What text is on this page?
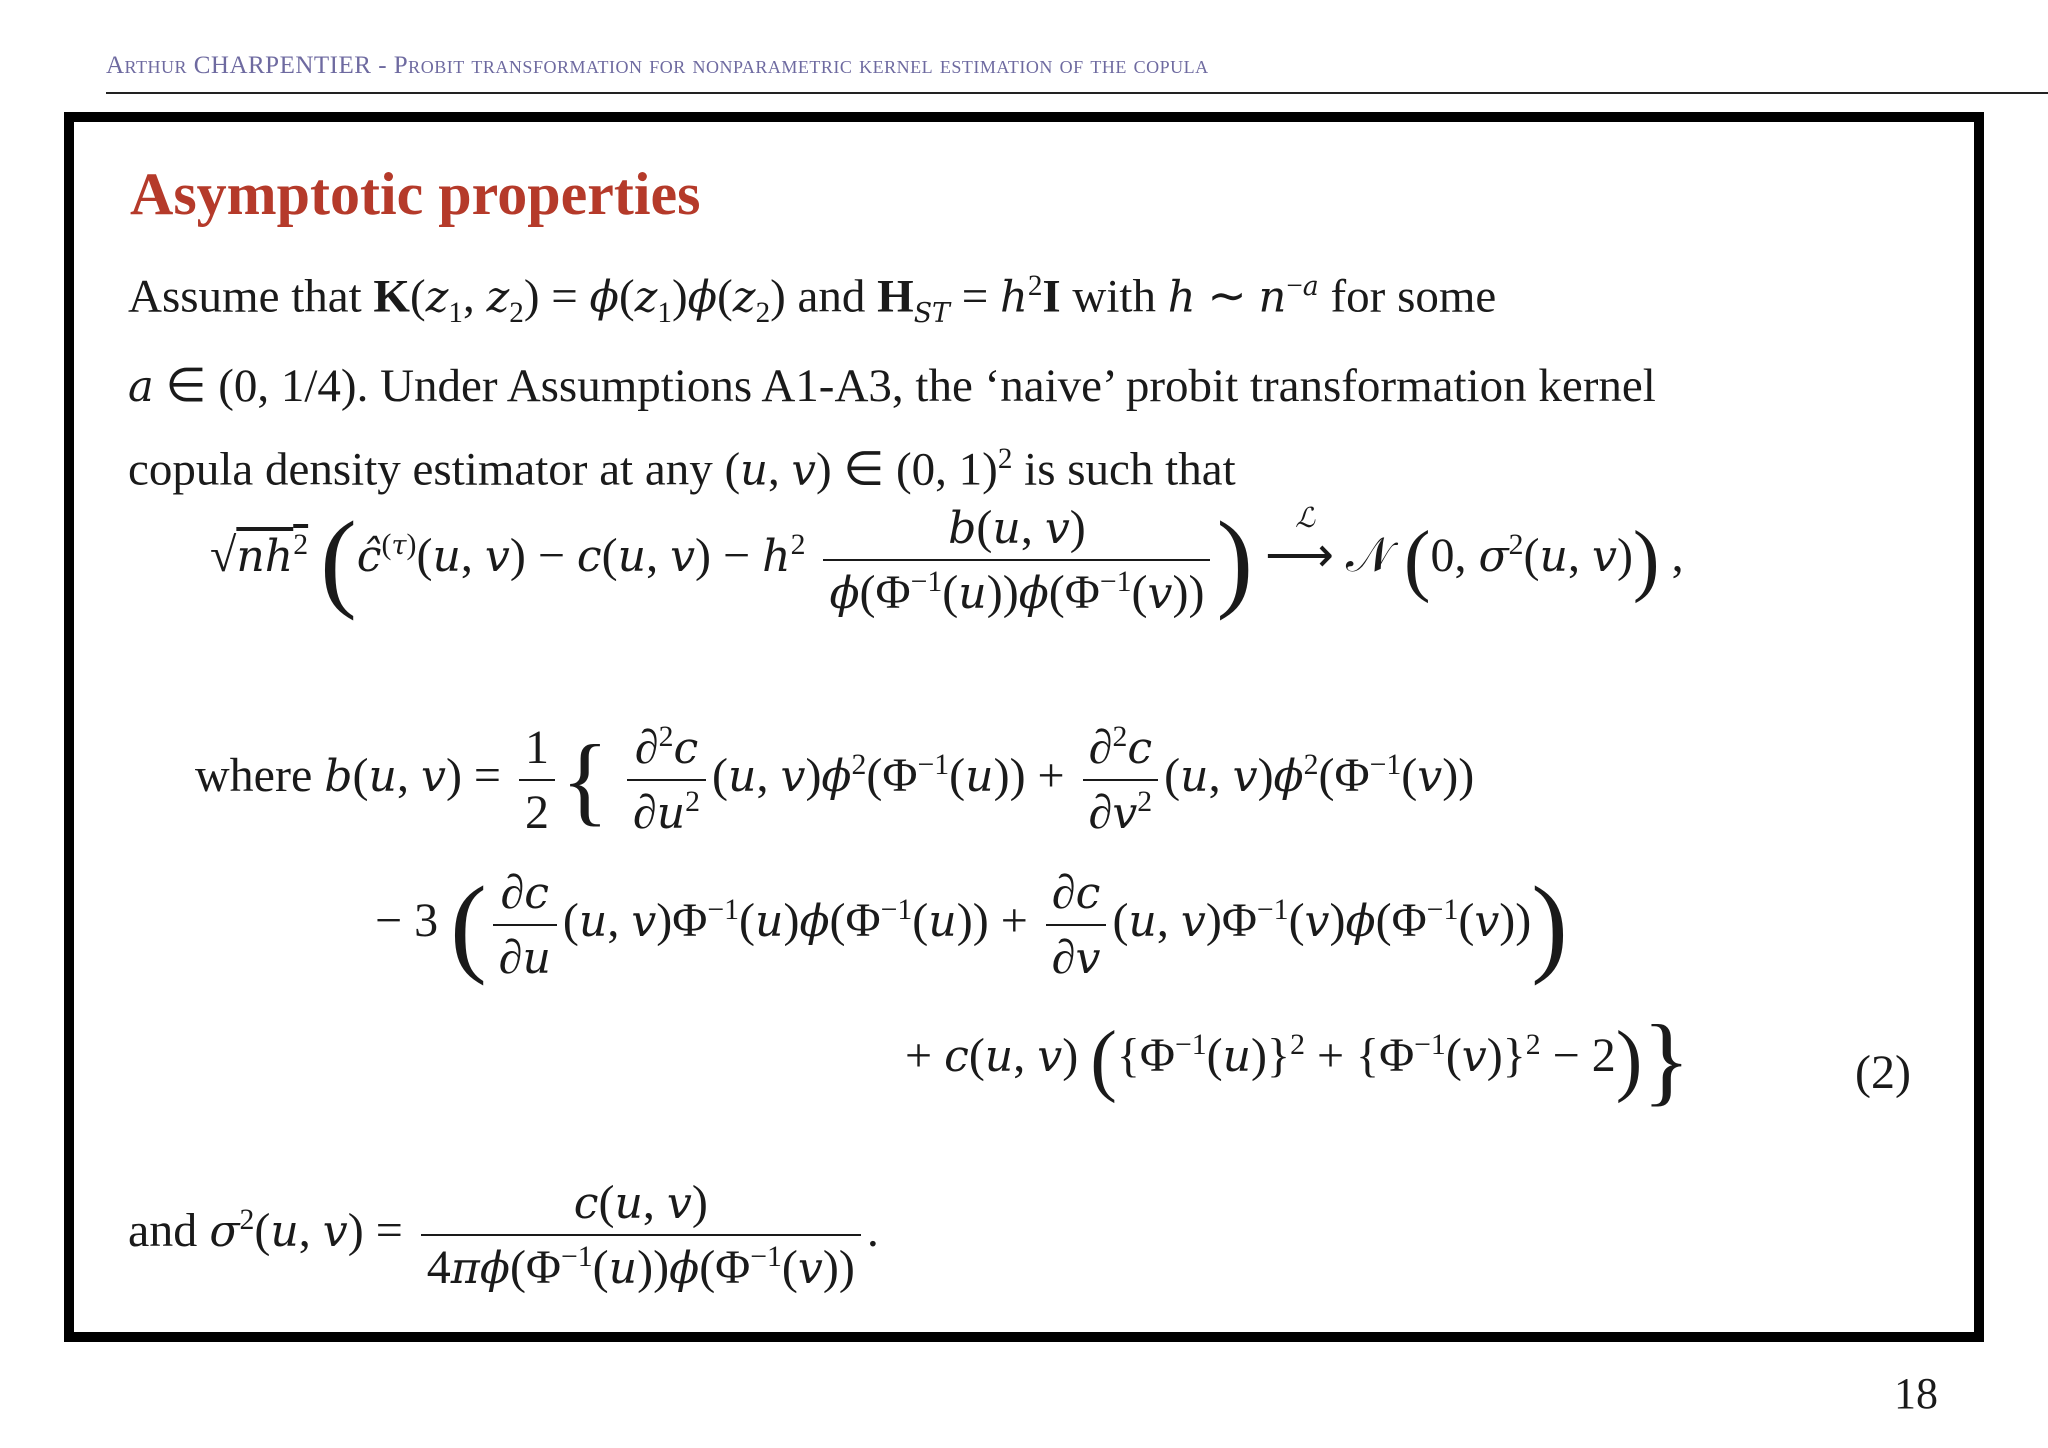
Arthur CHARPENTIER - Probit transformation for nonparametric kernel estimation of the copula
Asymptotic properties
Assume that $K(z_1$, $z_2) = \phi(z_1)\phi(z_2)$ and $H_{ST} = h^2I$ with h ∼ $n^{-a}$ for some
a ∈ (0, 1/4). Under Assumptions A1-A3, the ‘naive’ probit transformation kernel
copula density estimator at any (u, v) ∈ (0, 1)$^2$ is such that
$√nh^2$ ($ĉ^{(\tau)}(u$, v) − c(u, $v) - h^2 \frac{b(u, v)}{\phi(\Phi^{-1}(u))\phi(\Phi^{-1}(v))}$ ) ℒ
⟶ 𝒩 (0, $\sigma^2(u$, v)) ,
where b(u, $v) = \frac{1}{2}$ { $\frac{\partial^2c}{\partial u^2} (u$, $v)\phi^2(\Phi^{-1}(u)) + \frac{\partial^2c}{\partial v^2} (u$, $v)\phi^2(\Phi^{-1}(v))$
− 3 ( $\frac{\partial c}{\partial u} (u$, $v)\Phi^{-1}(u)\phi(\Phi^{-1}(u)) + \frac{\partial c}{\partial v} (u$, $v)\Phi^{-1}(v)\phi(\Phi^{-1}(v))$)
+ c(u, v) $(\{\Phi^{-1}(u)\}^2 + \{\Phi^{-1}(v)\}^2 - 2)$}	(2)
and $\sigma^2(u$, $v) = \frac{c(u, v)}{4\pi\phi(\Phi^{-1}(u))\phi(\Phi^{-1}(v))}$ .
18
